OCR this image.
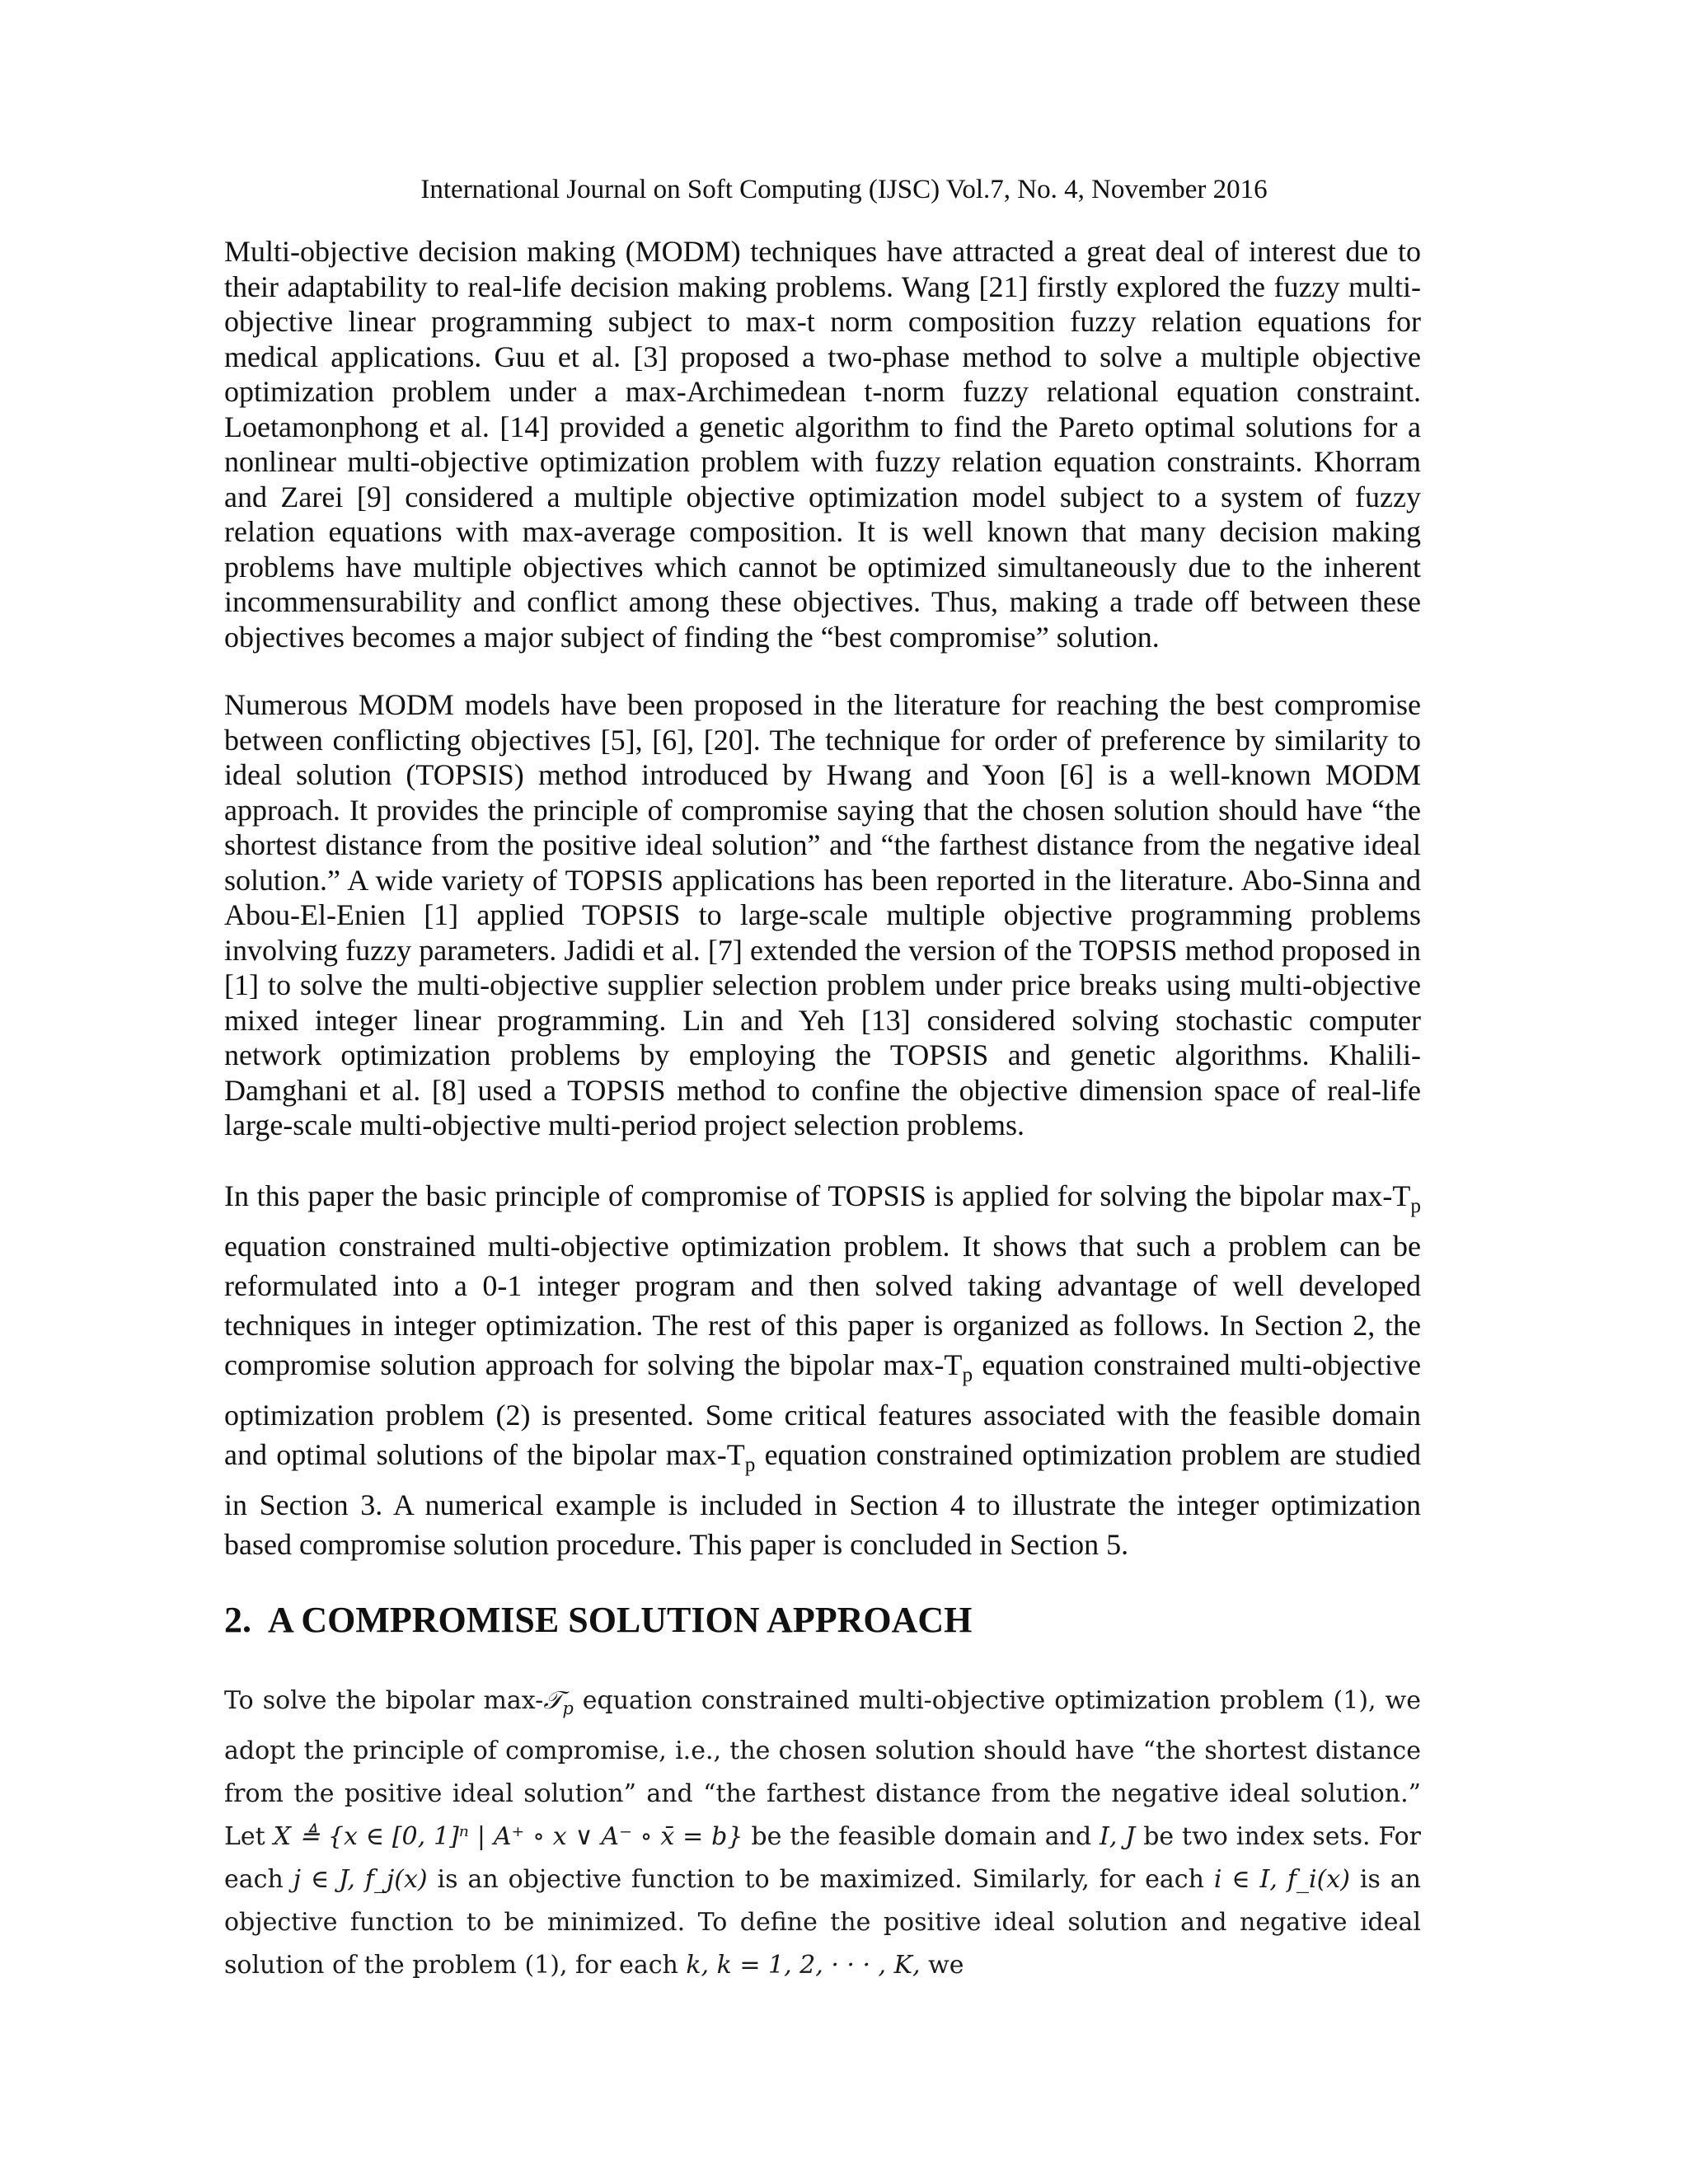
International Journal on Soft Computing (IJSC) Vol.7, No. 4, November 2016

Multi-objective decision making (MODM) techniques have attracted a great deal of interest due to their adaptability to real-life decision making problems. Wang [21] firstly explored the fuzzy multi-objective linear programming subject to max-t norm composition fuzzy relation equations for medical applications. Guu et al. [3] proposed a two-phase method to solve a multiple objective optimization problem under a max-Archimedean t-norm fuzzy relational equation constraint. Loetamonphong et al. [14] provided a genetic algorithm to find the Pareto optimal solutions for a nonlinear multi-objective optimization problem with fuzzy relation equation constraints. Khorram and Zarei [9] considered a multiple objective optimization model subject to a system of fuzzy relation equations with max-average composition. It is well known that many decision making problems have multiple objectives which cannot be optimized simultaneously due to the inherent incommensurability and conflict among these objectives. Thus, making a trade off between these objectives becomes a major subject of finding the “best compromise” solution.

Numerous MODM models have been proposed in the literature for reaching the best compromise between conflicting objectives [5], [6], [20]. The technique for order of preference by similarity to ideal solution (TOPSIS) method introduced by Hwang and Yoon [6] is a well-known MODM approach. It provides the principle of compromise saying that the chosen solution should have “the shortest distance from the positive ideal solution” and “the farthest distance from the negative ideal solution.” A wide variety of TOPSIS applications has been reported in the literature. Abo-Sinna and Abou-El-Enien [1] applied TOPSIS to large-scale multiple objective programming problems involving fuzzy parameters. Jadidi et al. [7] extended the version of the TOPSIS method proposed in [1] to solve the multi-objective supplier selection problem under price breaks using multi-objective mixed integer linear programming. Lin and Yeh [13] considered solving stochastic computer network optimization problems by employing the TOPSIS and genetic algorithms. Khalili-Damghani et al. [8] used a TOPSIS method to confine the objective dimension space of real-life large-scale multi-objective multi-period project selection problems.

In this paper the basic principle of compromise of TOPSIS is applied for solving the bipolar $\max-T_p$ equation constrained multi-objective optimization problem. It shows that such a problem can be reformulated into a 0-1 integer program and then solved taking advantage of well developed techniques in integer optimization. The rest of this paper is organized as follows. In Section 2, the compromise solution approach for solving the bipolar $\max-T_p$ equation constrained multi-objective optimization problem (2) is presented. Some critical features associated with the feasible domain and optimal solutions of the bipolar $\max-T_p$ equation constrained optimization problem are studied in Section 3. A numerical example is included in Section 4 to illustrate the integer optimization based compromise solution procedure. This paper is concluded in Section 5.

2. A COMPROMISE SOLUTION APPROACH

To solve the bipolar max-𝒯$_p$ equation constrained multi-objective optimization problem (1), we adopt the principle of compromise, i.e., the chosen solution should have “the shortest distance from the positive ideal solution” and “the farthest distance from the negative ideal solution.” Let X ≜ {x ∈ [0, 1]ⁿ | A⁺ ∘ x ∨ A⁻ ∘ x̄ = b} be the feasible domain and I, J be two index sets. For each j ∈ J, f_j(x) is an objective function to be maximized. Similarly, for each i ∈ I, f_i(x) is an objective function to be minimized. To define the positive ideal solution and negative ideal solution of the problem (1), for each k, k = 1, 2, · · · , K, we
